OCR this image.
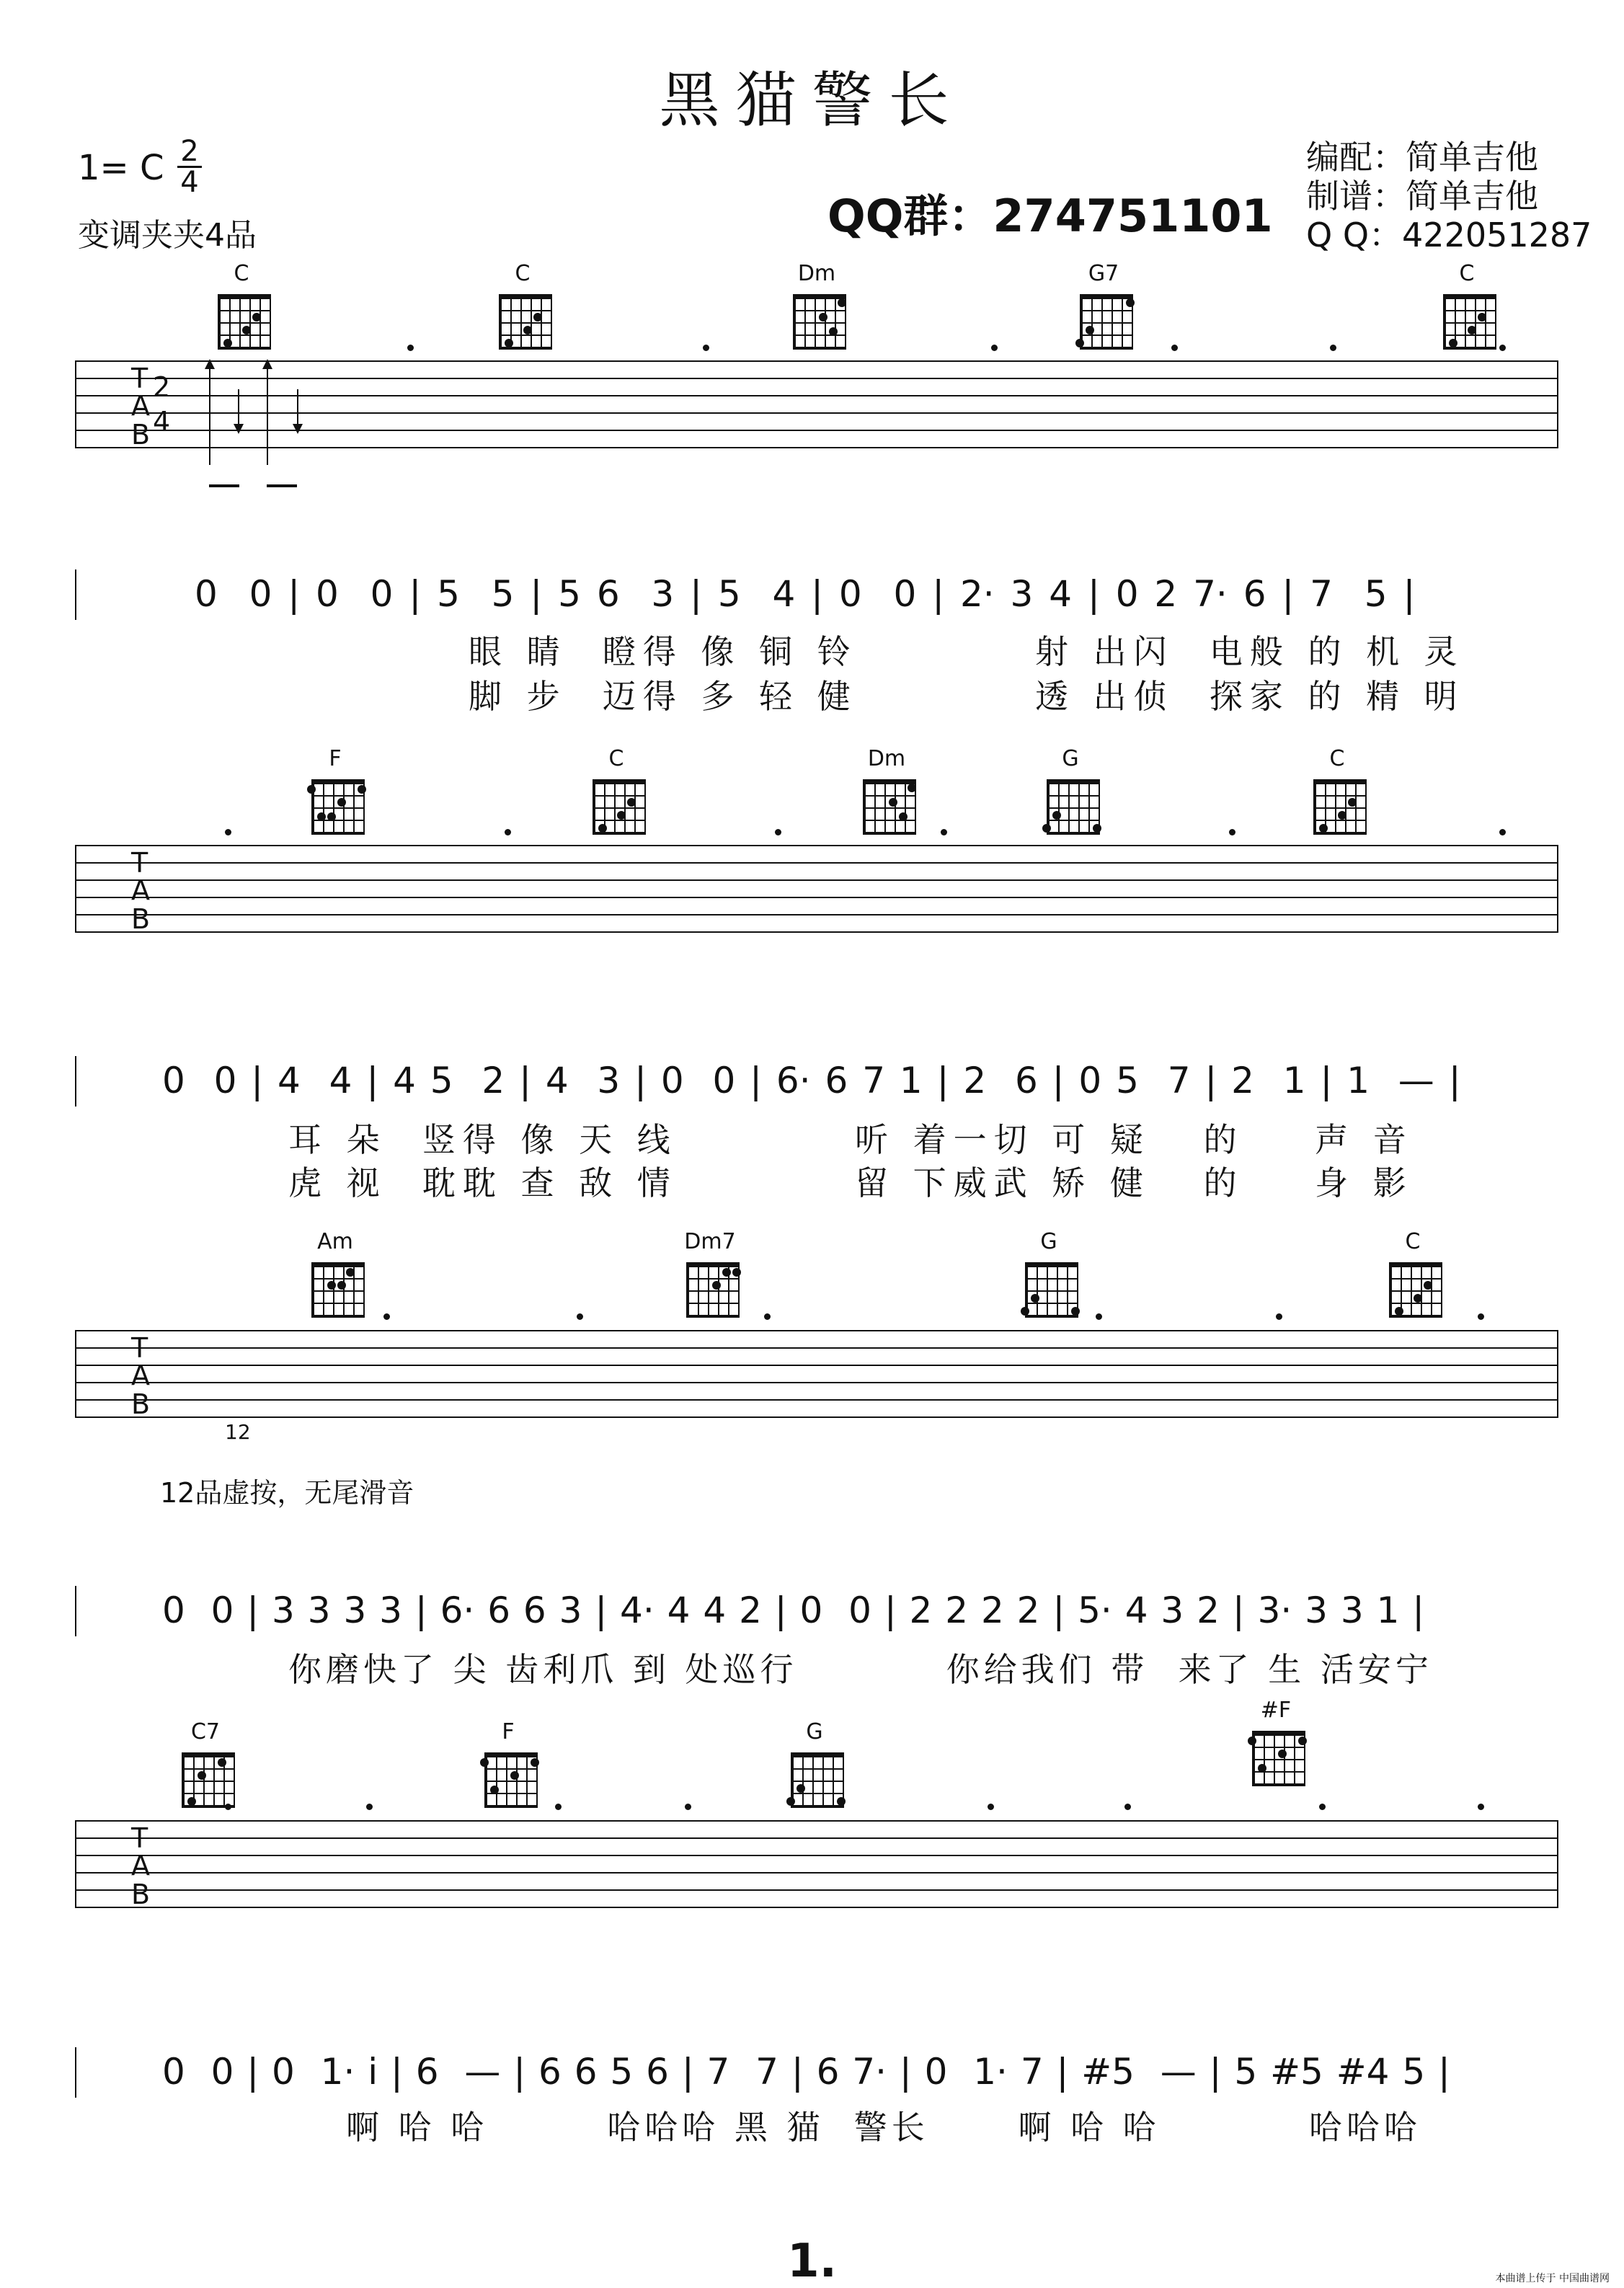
黑猫警长
1= C $\frac{2}{4}$
变调夹夹4品	QQ群：274751101
编配：简单吉他
制谱：简单吉他
Q Q：422051287
C	C	Dm	G7	C
T
A
B
2
4
0  0 | 0  0 | 5  5 | 5 6  3 | 5  4 | 0  0 | 2· 3 4 | 0 2 7· 6 | 7  5 |
眼 睛  瞪得 像 铜 铃          射 出闪  电般 的 机 灵
脚 步  迈得 多 轻 健          透 出侦  探家 的 精 明
F	C	Dm	G	C
T
A
B
0  0 | 4  4 | 4 5  2 | 4  3 | 0  0 | 6· 6 7 1 | 2  6 | 0 5  7 | 2  1 | 1  — |
耳 朵  竖得 像 天 线          听 着一切 可 疑   的    声 音
虎 视  耽耽 查 敌 情          留 下威武 矫 健   的    身 影
Am	Dm7	G	C
T
A
B
12
12品虚按，无尾滑音
0  0 | 3 3 3 3 | 6· 6 6 3 | 4· 4 4 2 | 0  0 | 2 2 2 2 | 5· 4 3 2 | 3· 3 3 1 |
你磨快了 尖 齿利爪 到 处巡行          你给我们 带  来了 生 活安宁
C7	F	G
#F
T
A
B
0  0 | 0  1· i | 6  — | 6 6 5 6 | 7  7 | 6 7· | 0  1· 7 | #5  — | 5 #5 #4 5 |
啊 哈 哈        哈哈哈 黑 猫  警长      啊 哈 哈          哈哈哈
1.	本曲谱上传于 中国曲谱网
